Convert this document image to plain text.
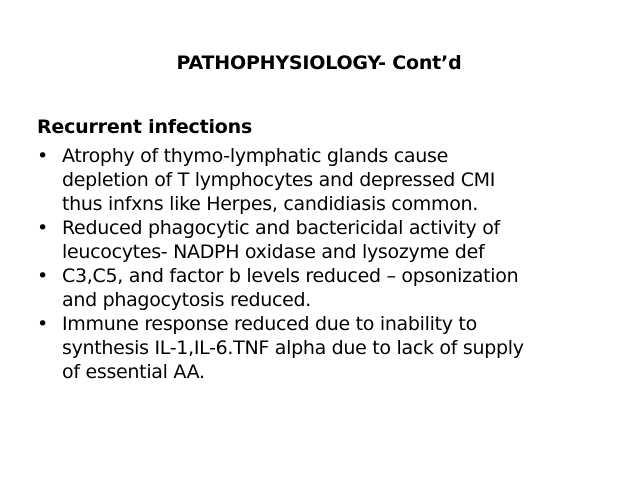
PATHOPHYSIOLOGY- Cont’d
Recurrent infections
• Atrophy of thymo-lymphatic glands cause
depletion of T lymphocytes and depressed CMI
thus infxns like Herpes, candidiasis common.
• Reduced phagocytic and bactericidal activity of
leucocytes- NADPH oxidase and lysozyme def
• C3,C5, and factor b levels reduced – opsonization
and phagocytosis reduced.
• Immune response reduced due to inability to
synthesis IL-1,IL-6.TNF alpha due to lack of supply
of essential AA.
